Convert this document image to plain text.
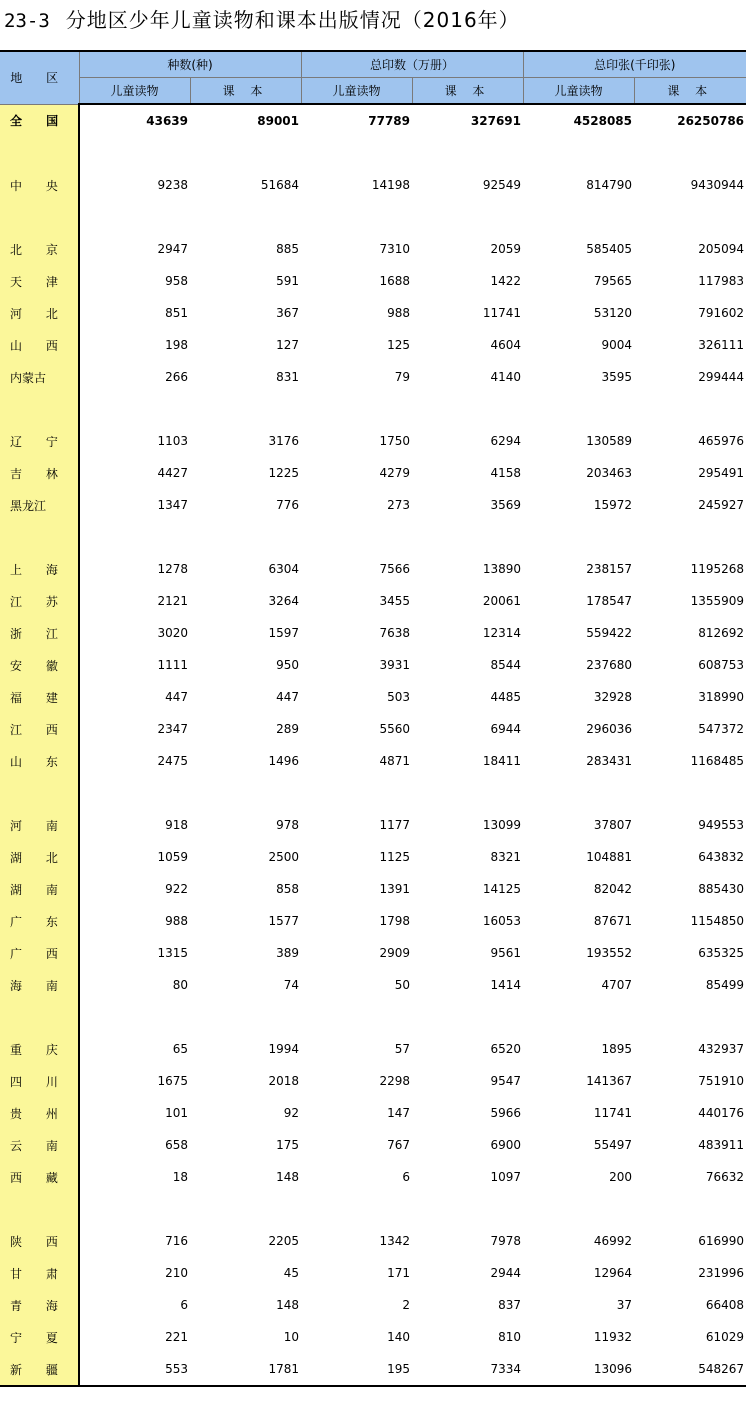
23-3 分地区少年儿童读物和课本出版情况（2016年）
地 区	种数(种)		总印数（万册）		总印张(千印张)	
	儿童读物	课 本	儿童读物	课 本	儿童读物	课 本
全 国	43639	89001	77789	327691	4528085	26250786

中 央	9238	51684	14198	92549	814790	9430944

北 京	2947	885	7310	2059	585405	205094
天 津	958	591	1688	1422	79565	117983
河 北	851	367	988	11741	53120	791602
山 西	198	127	125	4604	9004	326111
内蒙古	266	831	79	4140	3595	299444

辽 宁	1103	3176	1750	6294	130589	465976
吉 林	4427	1225	4279	4158	203463	295491
黑龙江	1347	776	273	3569	15972	245927

上 海	1278	6304	7566	13890	238157	1195268
江 苏	2121	3264	3455	20061	178547	1355909
浙 江	3020	1597	7638	12314	559422	812692
安 徽	1111	950	3931	8544	237680	608753
福 建	447	447	503	4485	32928	318990
江 西	2347	289	5560	6944	296036	547372
山 东	2475	1496	4871	18411	283431	1168485

河 南	918	978	1177	13099	37807	949553
湖 北	1059	2500	1125	8321	104881	643832
湖 南	922	858	1391	14125	82042	885430
广 东	988	1577	1798	16053	87671	1154850
广 西	1315	389	2909	9561	193552	635325
海 南	80	74	50	1414	4707	85499

重 庆	65	1994	57	6520	1895	432937
四 川	1675	2018	2298	9547	141367	751910
贵 州	101	92	147	5966	11741	440176
云 南	658	175	767	6900	55497	483911
西 藏	18	148	6	1097	200	76632

陕 西	716	2205	1342	7978	46992	616990
甘 肃	210	45	171	2944	12964	231996
青 海	6	148	2	837	37	66408
宁 夏	221	10	140	810	11932	61029
新 疆	553	1781	195	7334	13096	548267
